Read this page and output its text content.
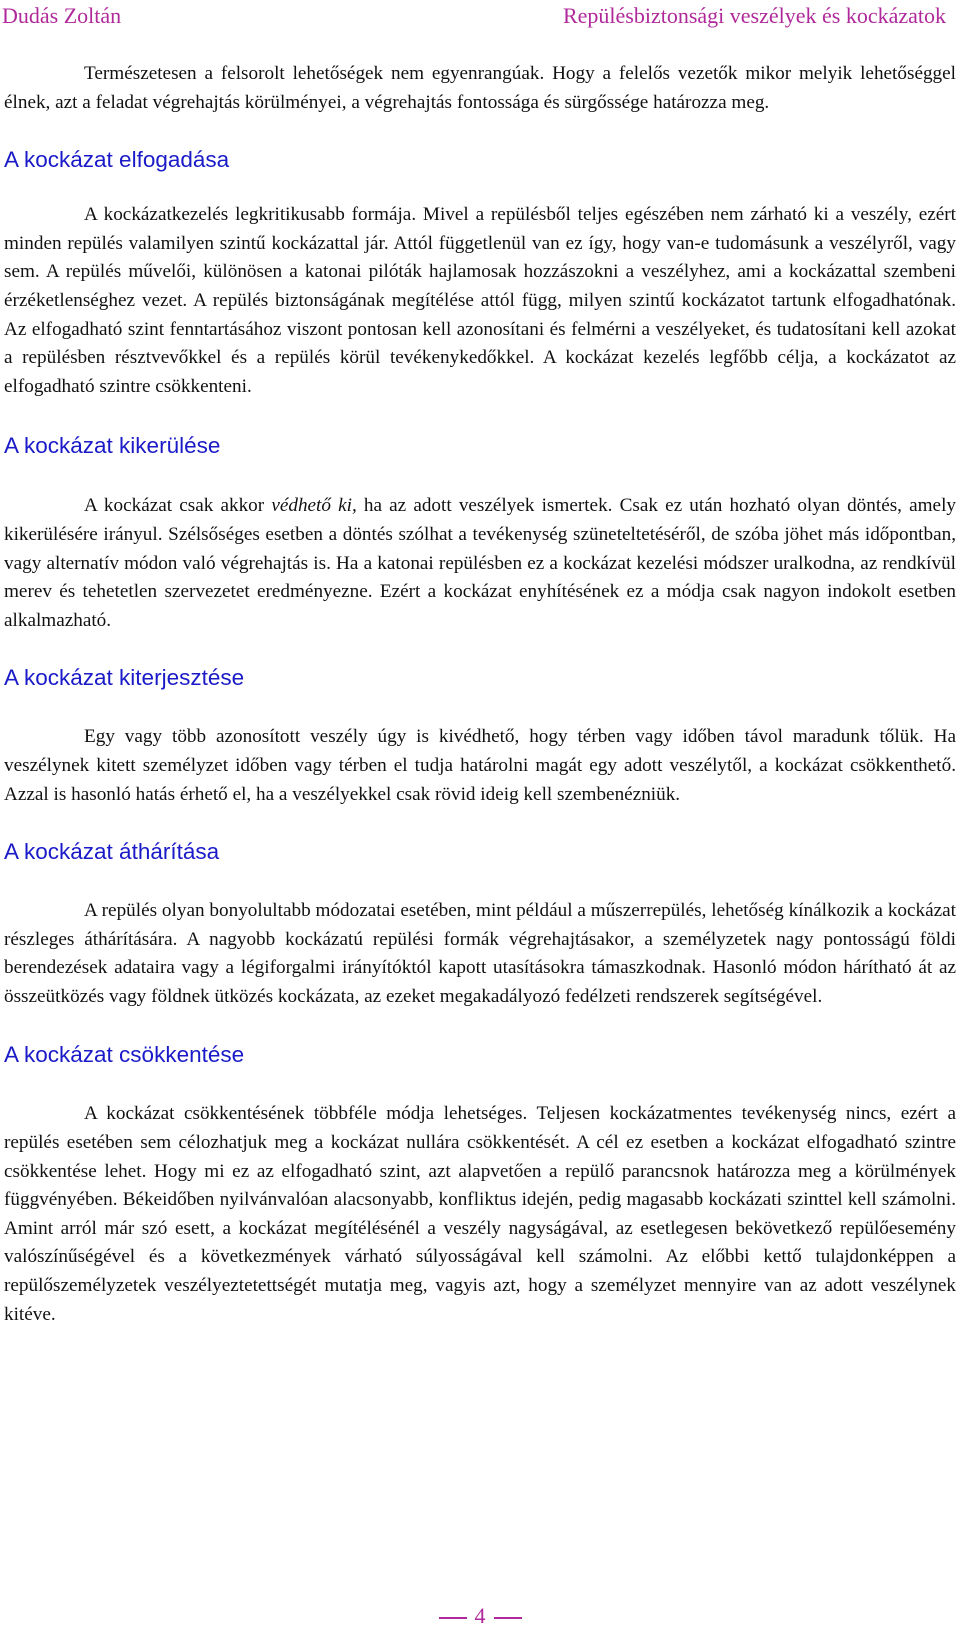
Dudás Zoltán	Repülésbiztonsági veszélyek és kockázatok

Természetesen a felsorolt lehetőségek nem egyenrangúak. Hogy a felelős vezetők mikor melyik lehetőséggel élnek, azt a feladat végrehajtás körülményei, a végrehajtás fontossága és sürgőssége határozza meg.

A kockázat elfogadása

A kockázatkezelés legkritikusabb formája. Mivel a repülésből teljes egészében nem zárható ki a veszély, ezért minden repülés valamilyen szintű kockázattal jár. Attól függetlenül van ez így, hogy van-e tudomásunk a veszélyről, vagy sem. A repülés művelői, különösen a katonai pilóták hajlamosak hozzászokni a veszélyhez, ami a kockázattal szembeni érzéketlenséghez vezet. A repülés biztonságának megítélése attól függ, milyen szintű kockázatot tartunk elfogadhatónak. Az elfogadható szint fenntartásához viszont pontosan kell azonosítani és felmérni a veszélyeket, és tudatosítani kell azokat a repülésben résztvevőkkel és a repülés körül tevékenykedőkkel. A kockázat kezelés legfőbb célja, a kockázatot az elfogadható szintre csökkenteni.

A kockázat kikerülése

A kockázat csak akkor védhető ki, ha az adott veszélyek ismertek. Csak ez után hozható olyan döntés, amely kikerülésére irányul. Szélsőséges esetben a döntés szólhat a tevékenység szüneteltetéséről, de szóba jöhet más időpontban, vagy alternatív módon való végrehajtás is. Ha a katonai repülésben ez a kockázat kezelési módszer uralkodna, az rendkívül merev és tehetetlen szervezetet eredményezne. Ezért a kockázat enyhítésének ez a módja csak nagyon indokolt esetben alkalmazható.

A kockázat kiterjesztése

Egy vagy több azonosított veszély úgy is kivédhető, hogy térben vagy időben távol maradunk tőlük. Ha veszélynek kitett személyzet időben vagy térben el tudja határolni magát egy adott veszélytől, a kockázat csökkenthető. Azzal is hasonló hatás érhető el, ha a veszélyekkel csak rövid ideig kell szembenézniük.

A kockázat áthárítása

A repülés olyan bonyolultabb módozatai esetében, mint például a műszerrepülés, lehetőség kínálkozik a kockázat részleges áthárítására. A nagyobb kockázatú repülési formák végrehajtásakor, a személyzetek nagy pontosságú földi berendezések adataira vagy a légiforgalmi irányítóktól kapott utasításokra támaszkodnak. Hasonló módon hárítható át az összeütközés vagy földnek ütközés kockázata, az ezeket megakadályozó fedélzeti rendszerek segítségével.

A kockázat csökkentése

A kockázat csökkentésének többféle módja lehetséges. Teljesen kockázatmentes tevékenység nincs, ezért a repülés esetében sem célozhatjuk meg a kockázat nullára csökkentését. A cél ez esetben a kockázat elfogadható szintre csökkentése lehet. Hogy mi ez az elfogadható szint, azt alapvetően a repülő parancsnok határozza meg a körülmények függvényében. Békeidőben nyilvánvalóan alacsonyabb, konfliktus idején, pedig magasabb kockázati szinttel kell számolni. Amint arról már szó esett, a kockázat megítélésénél a veszély nagyságával, az esetlegesen bekövetkező repülőesemény valószínűségével és a következmények várható súlyosságával kell számolni. Az előbbi kettő tulajdonképpen a repülőszemélyzetek veszélyeztetettségét mutatja meg, vagyis azt, hogy a személyzet mennyire van az adott veszélynek kitéve.

4
